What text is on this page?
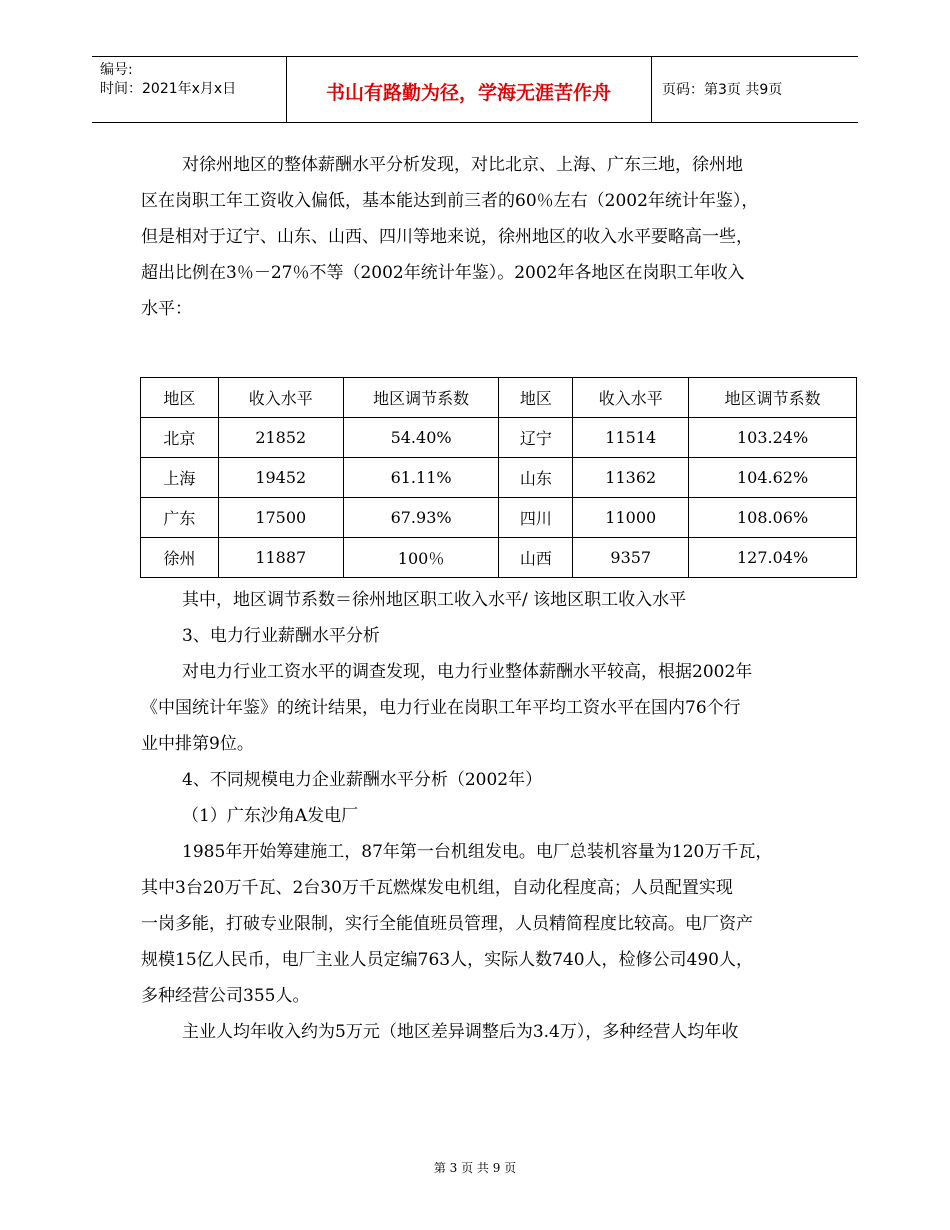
编号:
时间：2021年x月x日	书山有路勤为径，学海无涯苦作舟	页码：第3页 共9页
对徐州地区的整体薪酬水平分析发现，对比北京、上海、广东三地，徐州地
区在岗职工年工资收入偏低，基本能达到前三者的60％左右（2002年统计年鉴），
但是相对于辽宁、山东、山西、四川等地来说，徐州地区的收入水平要略高一些，
超出比例在3％－27％不等（2002年统计年鉴）。2002年各地区在岗职工年收入
水平：
地区	收入水平	地区调节系数	地区	收入水平	地区调节系数
北京	21852	54.40%	辽宁	11514	103.24%
上海	19452	61.11%	山东	11362	104.62%
广东	17500	67.93%	四川	11000	108.06%
徐州	11887	100％	山西	9357	127.04%
其中，地区调节系数＝徐州地区职工收入水平/ 该地区职工收入水平
3、电力行业薪酬水平分析
对电力行业工资水平的调查发现，电力行业整体薪酬水平较高，根据2002年
《中国统计年鉴》的统计结果，电力行业在岗职工年平均工资水平在国内76个行
业中排第9位。
4、不同规模电力企业薪酬水平分析（2002年）
（1）广东沙角A发电厂
1985年开始筹建施工，87年第一台机组发电。电厂总装机容量为120万千瓦，
其中3台20万千瓦、2台30万千瓦燃煤发电机组，自动化程度高；人员配置实现
一岗多能，打破专业限制，实行全能值班员管理，人员精简程度比较高。电厂资产
规模15亿人民币，电厂主业人员定编763人，实际人数740人，检修公司490人，
多种经营公司355人。
主业人均年收入约为5万元（地区差异调整后为3.4万），多种经营人均年收
第 3 页 共 9 页
